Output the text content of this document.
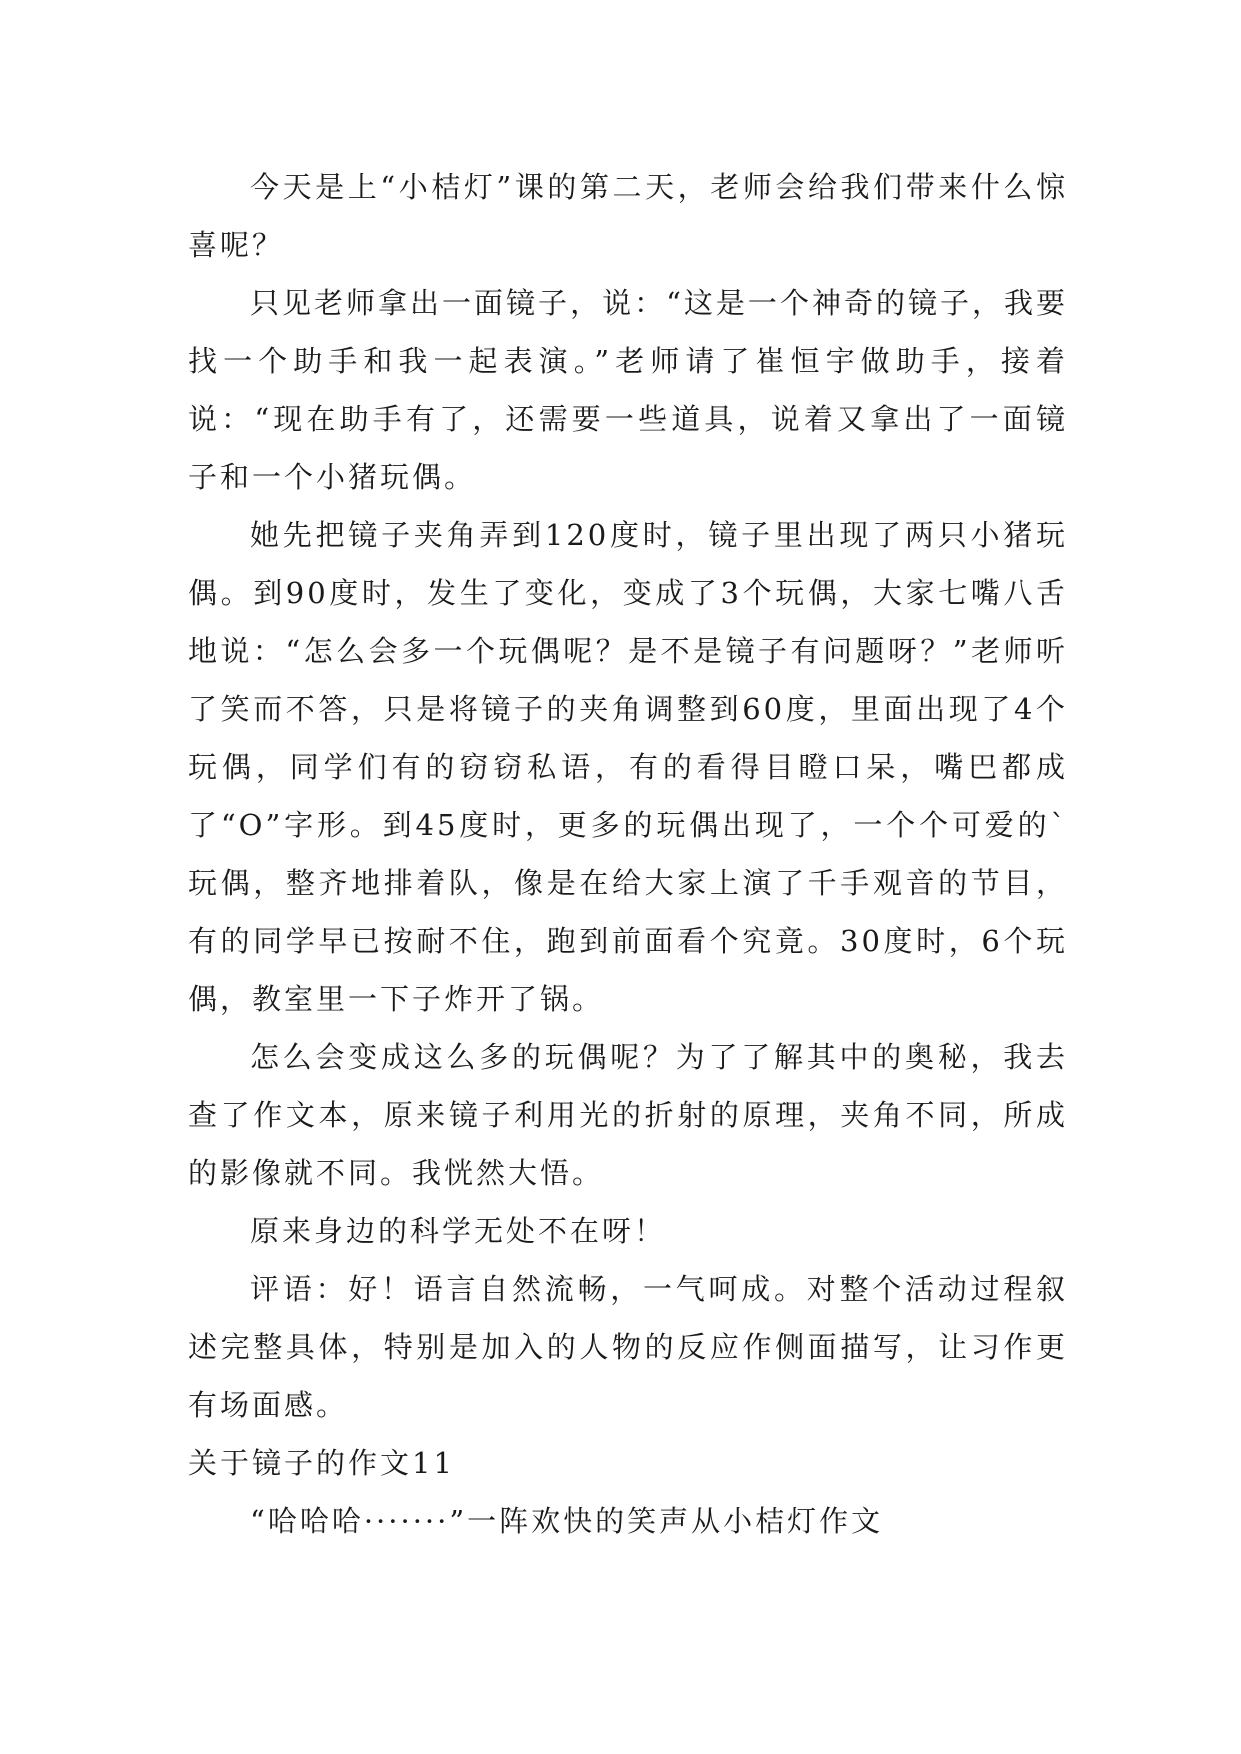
今天是上“小桔灯”课的第二天，老师会给我们带来什么惊喜呢？

只见老师拿出一面镜子，说：“这是一个神奇的镜子，我要找一个助手和我一起表演。”老师请了崔恒宇做助手，接着说：“现在助手有了，还需要一些道具，说着又拿出了一面镜子和一个小猪玩偶。

她先把镜子夹角弄到120度时，镜子里出现了两只小猪玩偶。到90度时，发生了变化，变成了3个玩偶，大家七嘴八舌地说：“怎么会多一个玩偶呢？是不是镜子有问题呀？”老师听了笑而不答，只是将镜子的夹角调整到60度，里面出现了4个玩偶，同学们有的窃窃私语，有的看得目瞪口呆，嘴巴都成了“O”字形。到45度时，更多的玩偶出现了，一个个可爱的`玩偶，整齐地排着队，像是在给大家上演了千手观音的节目，有的同学早已按耐不住，跑到前面看个究竟。30度时，6个玩偶，教室里一下子炸开了锅。

怎么会变成这么多的玩偶呢？为了了解其中的奥秘，我去查了作文本，原来镜子利用光的折射的原理，夹角不同，所成的影像就不同。我恍然大悟。

原来身边的科学无处不在呀！

评语：好！语言自然流畅，一气呵成。对整个活动过程叙述完整具体，特别是加入的人物的反应作侧面描写，让习作更有场面感。

关于镜子的作文11

“哈哈哈·······”一阵欢快的笑声从小桔灯作文
